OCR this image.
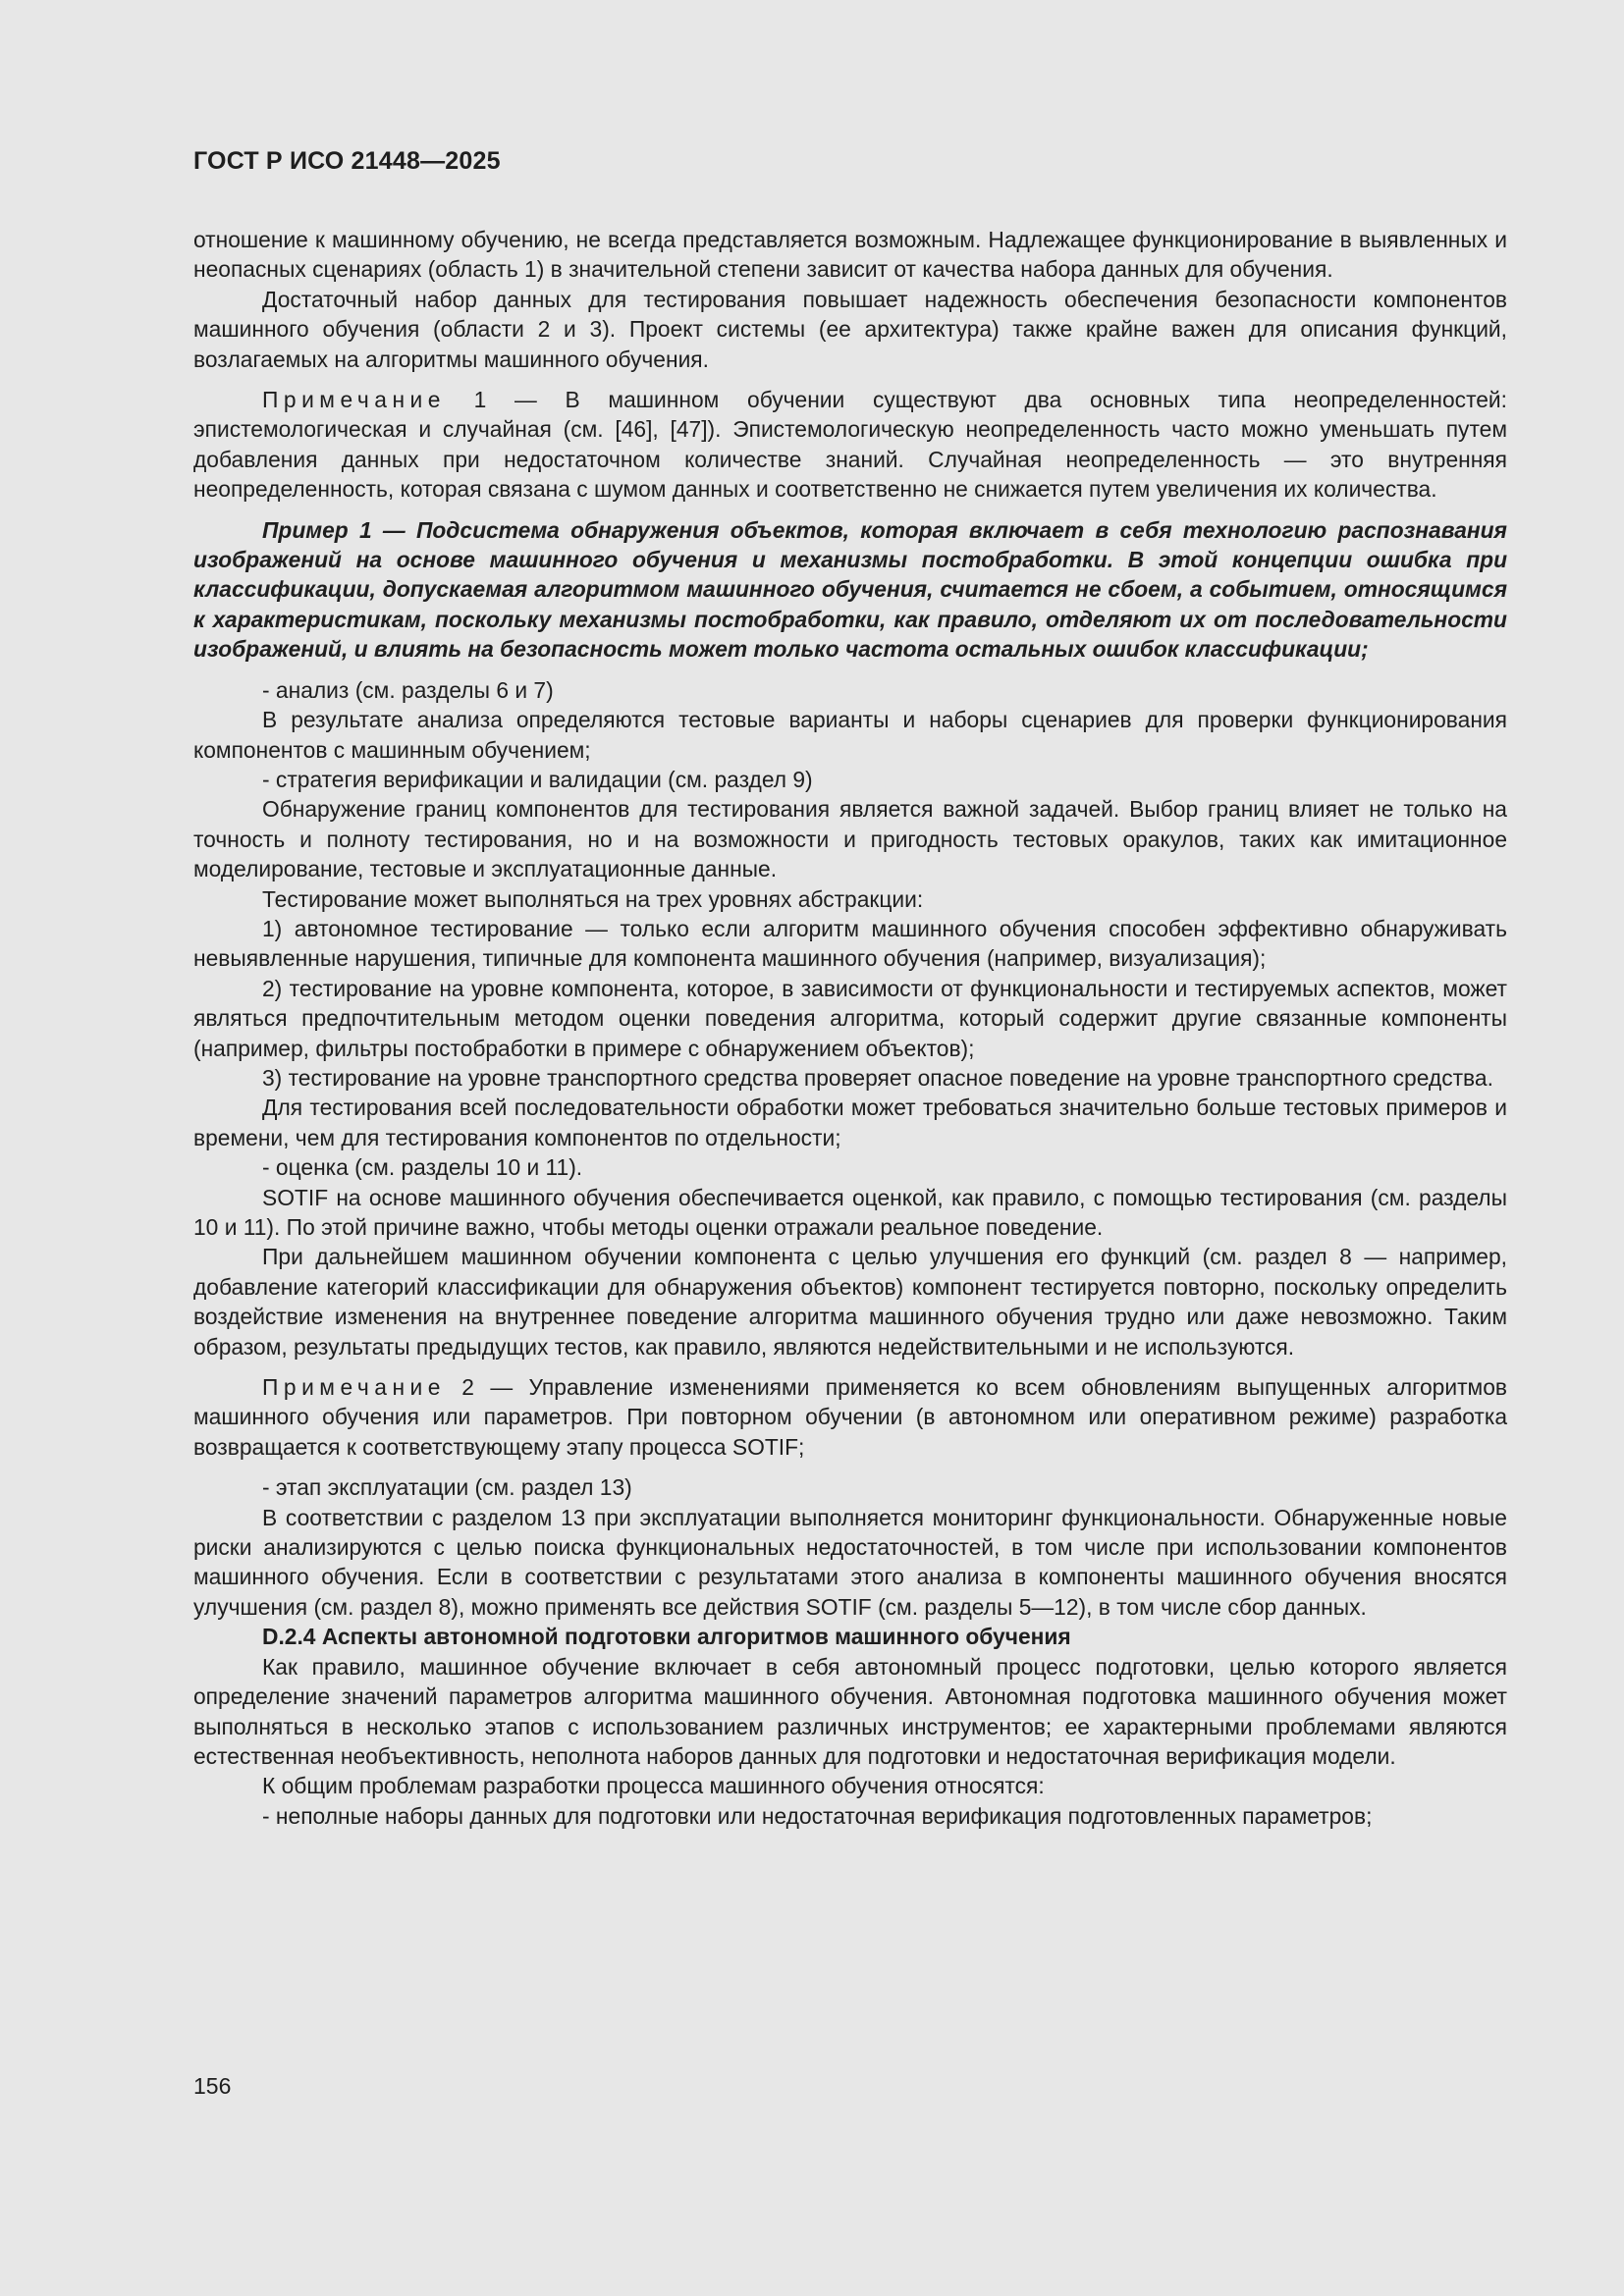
ГОСТ Р ИСО 21448—2025

отношение к машинному обучению, не всегда представляется возможным. Надлежащее функционирование в выявленных и неопасных сценариях (область 1) в значительной степени зависит от качества набора данных для обучения.

Достаточный набор данных для тестирования повышает надежность обеспечения безопасности компонентов машинного обучения (области 2 и 3). Проект системы (ее архитектура) также крайне важен для описания функций, возлагаемых на алгоритмы машинного обучения.

Примечание 1 — В машинном обучении существуют два основных типа неопределенностей: эпистемологическая и случайная (см. [46], [47]). Эпистемологическую неопределенность часто можно уменьшать путем добавления данных при недостаточном количестве знаний. Случайная неопределенность — это внутренняя неопределенность, которая связана с шумом данных и соответственно не снижается путем увеличения их количества.

Пример 1 — Подсистема обнаружения объектов, которая включает в себя технологию распознавания изображений на основе машинного обучения и механизмы постобработки. В этой концепции ошибка при классификации, допускаемая алгоритмом машинного обучения, считается не сбоем, а событием, относящимся к характеристикам, поскольку механизмы постобработки, как правило, отделяют их от последовательности изображений, и влиять на безопасность может только частота остальных ошибок классификации;

- анализ (см. разделы 6 и 7)

В результате анализа определяются тестовые варианты и наборы сценариев для проверки функционирования компонентов с машинным обучением;

- стратегия верификации и валидации (см. раздел 9)

Обнаружение границ компонентов для тестирования является важной задачей. Выбор границ влияет не только на точность и полноту тестирования, но и на возможности и пригодность тестовых оракулов, таких как имитационное моделирование, тестовые и эксплуатационные данные.

Тестирование может выполняться на трех уровнях абстракции:

1) автономное тестирование — только если алгоритм машинного обучения способен эффективно обнаруживать невыявленные нарушения, типичные для компонента машинного обучения (например, визуализация);

2) тестирование на уровне компонента, которое, в зависимости от функциональности и тестируемых аспектов, может являться предпочтительным методом оценки поведения алгоритма, который содержит другие связанные компоненты (например, фильтры постобработки в примере с обнаружением объектов);

3) тестирование на уровне транспортного средства проверяет опасное поведение на уровне транспортного средства.

Для тестирования всей последовательности обработки может требоваться значительно больше тестовых примеров и времени, чем для тестирования компонентов по отдельности;

- оценка (см. разделы 10 и 11).

SOTIF на основе машинного обучения обеспечивается оценкой, как правило, с помощью тестирования (см. разделы 10 и 11). По этой причине важно, чтобы методы оценки отражали реальное поведение.

При дальнейшем машинном обучении компонента с целью улучшения его функций (см. раздел 8 — например, добавление категорий классификации для обнаружения объектов) компонент тестируется повторно, поскольку определить воздействие изменения на внутреннее поведение алгоритма машинного обучения трудно или даже невозможно. Таким образом, результаты предыдущих тестов, как правило, являются недействительными и не используются.

Примечание 2 — Управление изменениями применяется ко всем обновлениям выпущенных алгоритмов машинного обучения или параметров. При повторном обучении (в автономном или оперативном режиме) разработка возвращается к соответствующему этапу процесса SOTIF;

- этап эксплуатации (см. раздел 13)

В соответствии с разделом 13 при эксплуатации выполняется мониторинг функциональности. Обнаруженные новые риски анализируются с целью поиска функциональных недостаточностей, в том числе при использовании компонентов машинного обучения. Если в соответствии с результатами этого анализа в компоненты машинного обучения вносятся улучшения (см. раздел 8), можно применять все действия SOTIF (см. разделы 5—12), в том числе сбор данных.

D.2.4 Аспекты автономной подготовки алгоритмов машинного обучения

Как правило, машинное обучение включает в себя автономный процесс подготовки, целью которого является определение значений параметров алгоритма машинного обучения. Автономная подготовка машинного обучения может выполняться в несколько этапов с использованием различных инструментов; ее характерными проблемами являются естественная необъективность, неполнота наборов данных для подготовки и недостаточная верификация модели.

К общим проблемам разработки процесса машинного обучения относятся:

- неполные наборы данных для подготовки или недостаточная верификация подготовленных параметров;

156
